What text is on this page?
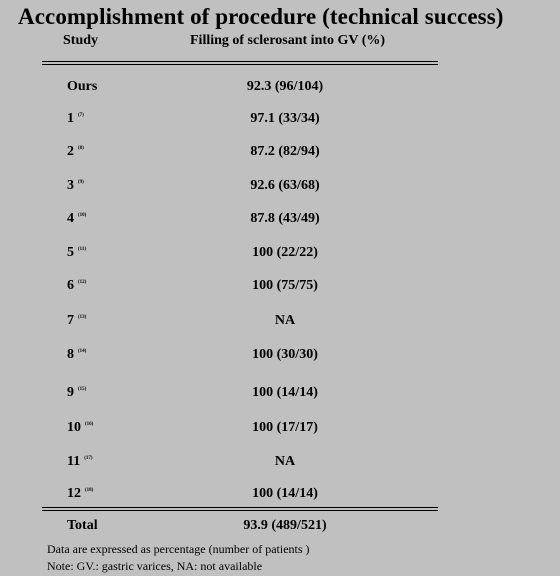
Accomplishment of procedure (technical success)
Study	Filling of sclerosant into GV (%)
Ours	92.3 (96/104)
1 $^{(7)}$	97.1 (33/34)
2 $^{(8)}$	87.2 (82/94)
3 $^{(9)}$	92.6 (63/68)
4 $^{(10)}$	87.8 (43/49)
5 $^{(11)}$	100 (22/22)
6 $^{(12)}$	100 (75/75)
7 $^{(13)}$	NA
8 $^{(14)}$	100 (30/30)
9 $^{(15)}$	100 (14/14)
10 $^{(16)}$	100 (17/17)
11 $^{(17)}$	NA
12 $^{(18)}$	100 (14/14)
Total	93.9 (489/521)
Data are expressed as percentage (number of patients )
Note: GV.: gastric varices, NA: not available
